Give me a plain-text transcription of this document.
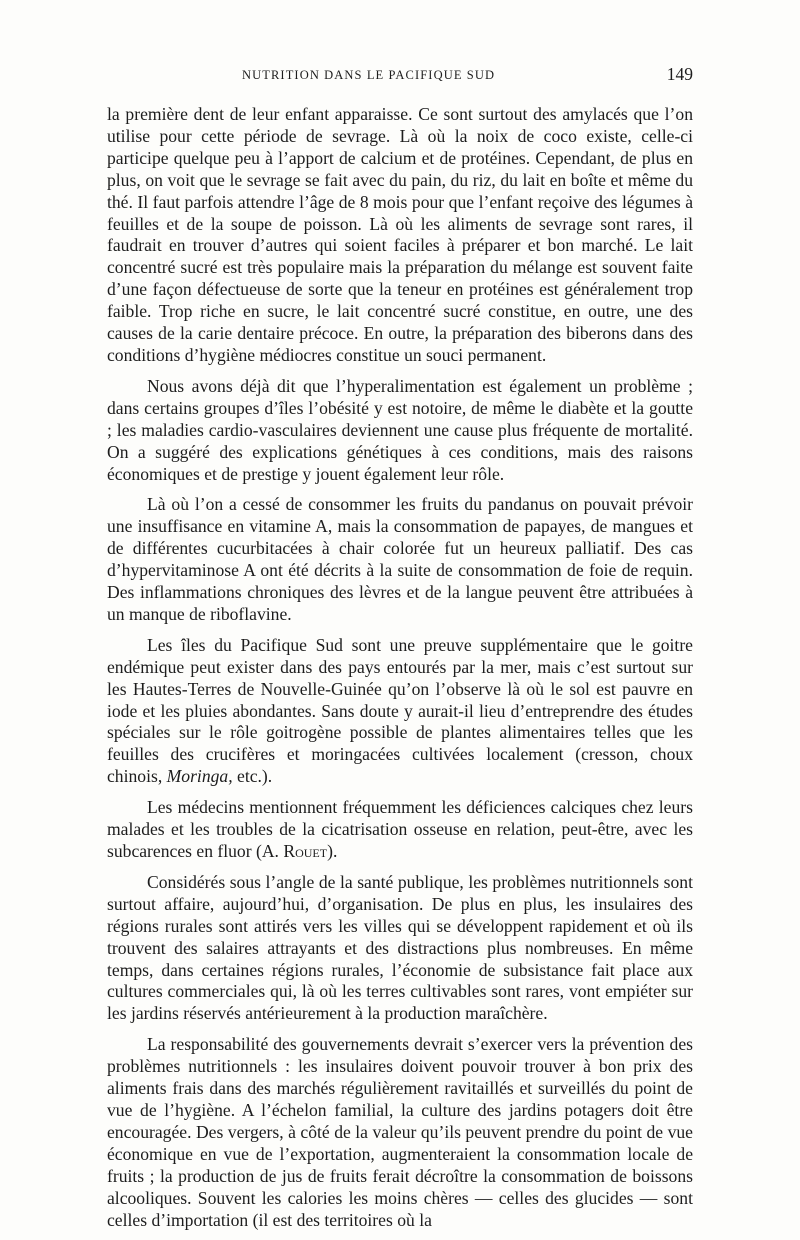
NUTRITION DANS LE PACIFIQUE SUD	149

la première dent de leur enfant apparaisse. Ce sont surtout des amylacés que l’on utilise pour cette période de sevrage. Là où la noix de coco existe, celle-ci participe quelque peu à l’apport de calcium et de protéines. Cependant, de plus en plus, on voit que le sevrage se fait avec du pain, du riz, du lait en boîte et même du thé. Il faut parfois attendre l’âge de 8 mois pour que l’enfant reçoive des légumes à feuilles et de la soupe de poisson. Là où les aliments de sevrage sont rares, il faudrait en trouver d’autres qui soient faciles à préparer et bon marché. Le lait concentré sucré est très populaire mais la préparation du mélange est souvent faite d’une façon défectueuse de sorte que la teneur en protéines est généralement trop faible. Trop riche en sucre, le lait concentré sucré constitue, en outre, une des causes de la carie dentaire précoce. En outre, la préparation des biberons dans des conditions d’hygiène médiocres constitue un souci permanent.

Nous avons déjà dit que l’hyperalimentation est également un problème ; dans certains groupes d’îles l’obésité y est notoire, de même le diabète et la goutte ; les maladies cardio-vasculaires deviennent une cause plus fréquente de mortalité. On a suggéré des explications génétiques à ces conditions, mais des raisons économiques et de prestige y jouent également leur rôle.

Là où l’on a cessé de consommer les fruits du pandanus on pouvait prévoir une insuffisance en vitamine A, mais la consommation de papayes, de mangues et de différentes cucurbitacées à chair colorée fut un heureux palliatif. Des cas d’hypervitaminose A ont été décrits à la suite de consommation de foie de requin. Des inflammations chroniques des lèvres et de la langue peuvent être attribuées à un manque de riboflavine.

Les îles du Pacifique Sud sont une preuve supplémentaire que le goitre endémique peut exister dans des pays entourés par la mer, mais c’est surtout sur les Hautes-Terres de Nouvelle-Guinée qu’on l’observe là où le sol est pauvre en iode et les pluies abondantes. Sans doute y aurait-il lieu d’entreprendre des études spéciales sur le rôle goitrogène possible de plantes alimentaires telles que les feuilles des crucifères et moringacées cultivées localement (cresson, choux chinois, Moringa, etc.).

Les médecins mentionnent fréquemment les déficiences calciques chez leurs malades et les troubles de la cicatrisation osseuse en relation, peut-être, avec les subcarences en fluor (A. Rouet).

Considérés sous l’angle de la santé publique, les problèmes nutritionnels sont surtout affaire, aujourd’hui, d’organisation. De plus en plus, les insulaires des régions rurales sont attirés vers les villes qui se développent rapidement et où ils trouvent des salaires attrayants et des distractions plus nombreuses. En même temps, dans certaines régions rurales, l’économie de subsistance fait place aux cultures commerciales qui, là où les terres cultivables sont rares, vont empiéter sur les jardins réservés antérieurement à la production maraîchère.

La responsabilité des gouvernements devrait s’exercer vers la prévention des problèmes nutritionnels : les insulaires doivent pouvoir trouver à bon prix des aliments frais dans des marchés régulièrement ravitaillés et surveillés du point de vue de l’hygiène. A l’échelon familial, la culture des jardins potagers doit être encouragée. Des vergers, à côté de la valeur qu’ils peuvent prendre du point de vue économique en vue de l’exportation, augmenteraient la consommation locale de fruits ; la production de jus de fruits ferait décroître la consommation de boissons alcooliques. Souvent les calories les moins chères — celles des glucides — sont celles d’importation (il est des territoires où la
